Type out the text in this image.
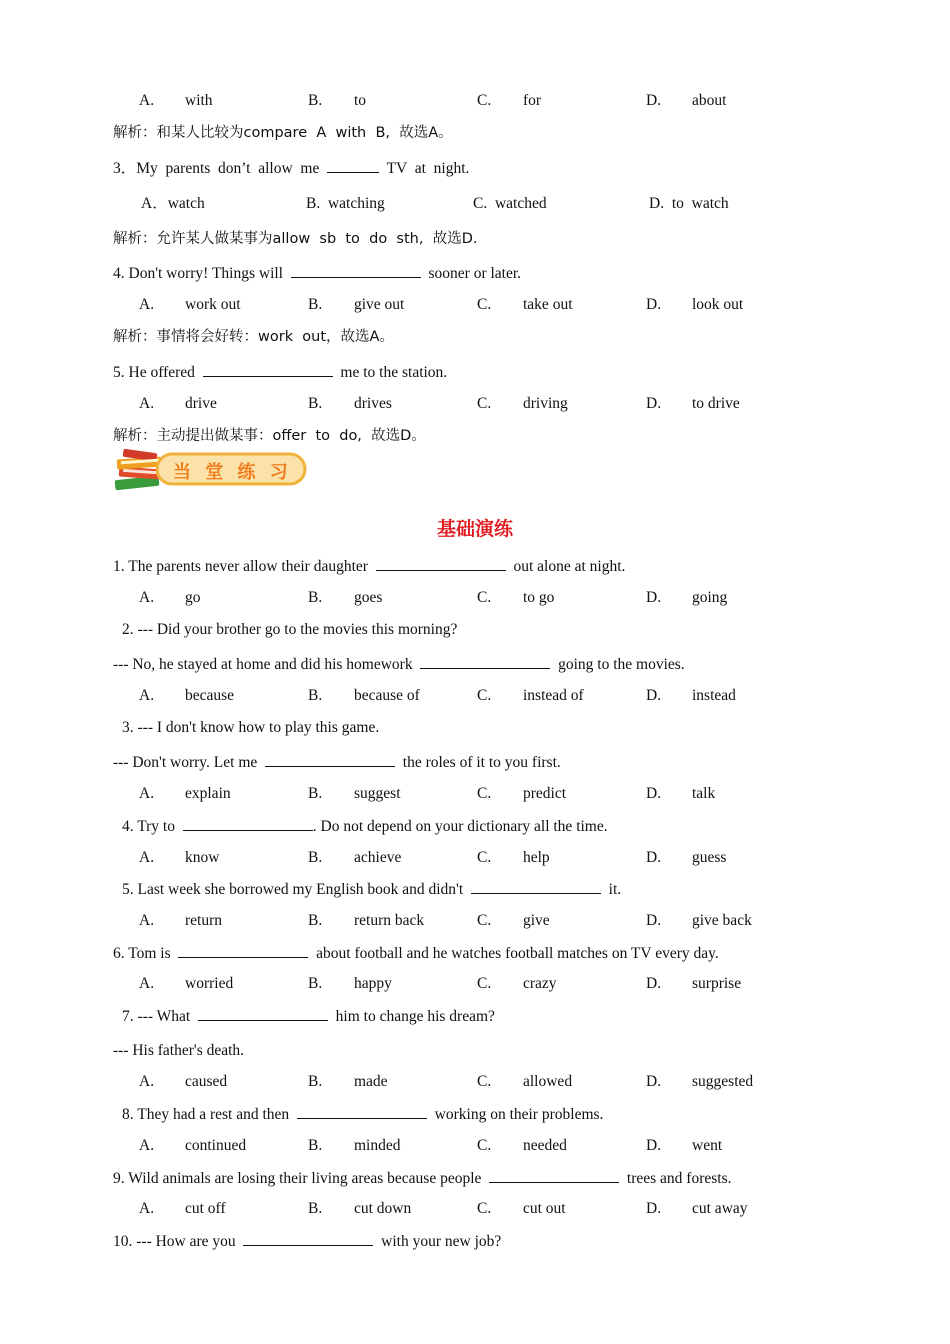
A. with	B. to	C. for	D. about
解析：和某人比较为compare  A  with  B,  故选A。
3．My  parents  don’t  allow  me	TV  at  night.
A．watch	B.  watching	C.  watched	D.  to  watch
解析：允许某人做某事为allow  sb  to  do  sth,  故选D.
4. Don't worry! Things will	sooner or later.
A. work out	B. give out	C. take out	D. look out
解析：事情将会好转：work  out，故选A。
5. He offered	me to the station.
A. drive	B. drives	C. driving	D. to drive
解析：主动提出做某事：offer  to  do,  故选D。
当 堂 练 习
基础演练
1. The parents never allow their daughter	out alone at night.
A. go	B. goes	C. to go	D. going
2. --- Did your brother go to the movies this morning?
--- No, he stayed at home and did his homework	going to the movies.
A. because	B. because of	C. instead of	D. instead
3. --- I don't know how to play this game.
--- Don't worry. Let me	the roles of it to you first.
A. explain	B. suggest	C. predict	D. talk
4. Try to	. Do not depend on your dictionary all the time.
A. know	B. achieve	C. help	D. guess
5. Last week she borrowed my English book and didn't	it.
A. return	B. return back	C. give	D. give back
6. Tom is	about football and he watches football matches on TV every day.
A. worried	B. happy	C. crazy	D. surprise
7. --- What	him to change his dream?
--- His father's death.
A. caused	B. made	C. allowed	D. suggested
8. They had a rest and then	working on their problems.
A. continued	B. minded	C. needed	D. went
9. Wild animals are losing their living areas because people	trees and forests.
A. cut off	B. cut down	C. cut out	D. cut away
10. --- How are you	with your new job?
